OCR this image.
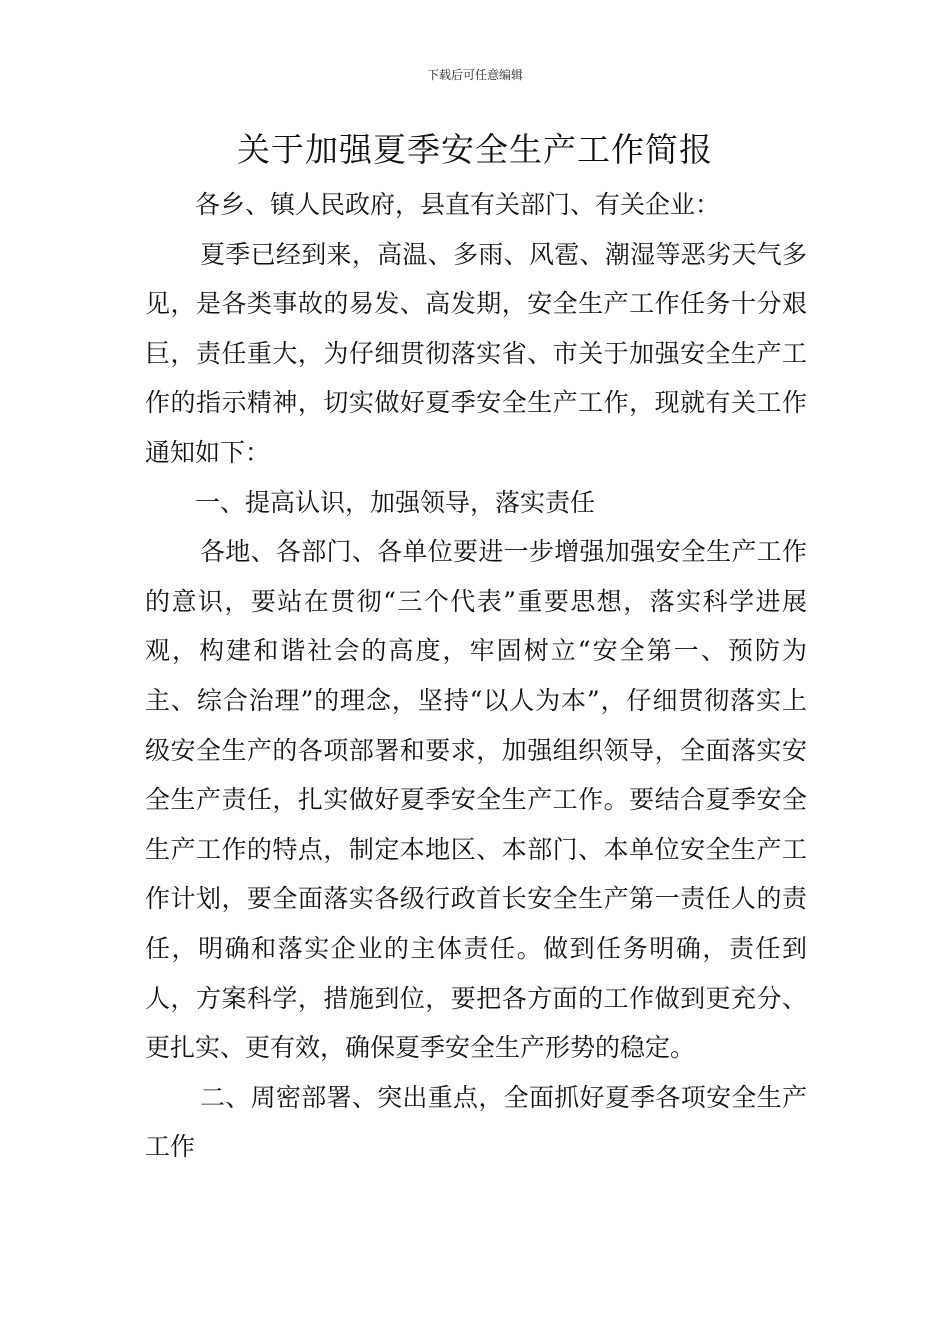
下载后可任意编辑
关于加强夏季安全生产工作简报

各乡、镇人民政府，县直有关部门、有关企业：

夏季已经到来，高温、多雨、风雹、潮湿等恶劣天气多见，是各类事故的易发、高发期，安全生产工作任务十分艰巨，责任重大，为仔细贯彻落实省、市关于加强安全生产工作的指示精神，切实做好夏季安全生产工作，现就有关工作通知如下：

一、提高认识，加强领导，落实责任

各地、各部门、各单位要进一步增强加强安全生产工作的意识，要站在贯彻“三个代表”重要思想，落实科学进展观，构建和谐社会的高度，牢固树立“安全第一、预防为主、综合治理”的理念，坚持“以人为本”，仔细贯彻落实上级安全生产的各项部署和要求，加强组织领导，全面落实安全生产责任，扎实做好夏季安全生产工作。要结合夏季安全生产工作的特点，制定本地区、本部门、本单位安全生产工作计划，要全面落实各级行政首长安全生产第一责任人的责任，明确和落实企业的主体责任。做到任务明确，责任到人，方案科学，措施到位，要把各方面的工作做到更充分、更扎实、更有效，确保夏季安全生产形势的稳定。

二、周密部署、突出重点，全面抓好夏季各项安全生产工作
